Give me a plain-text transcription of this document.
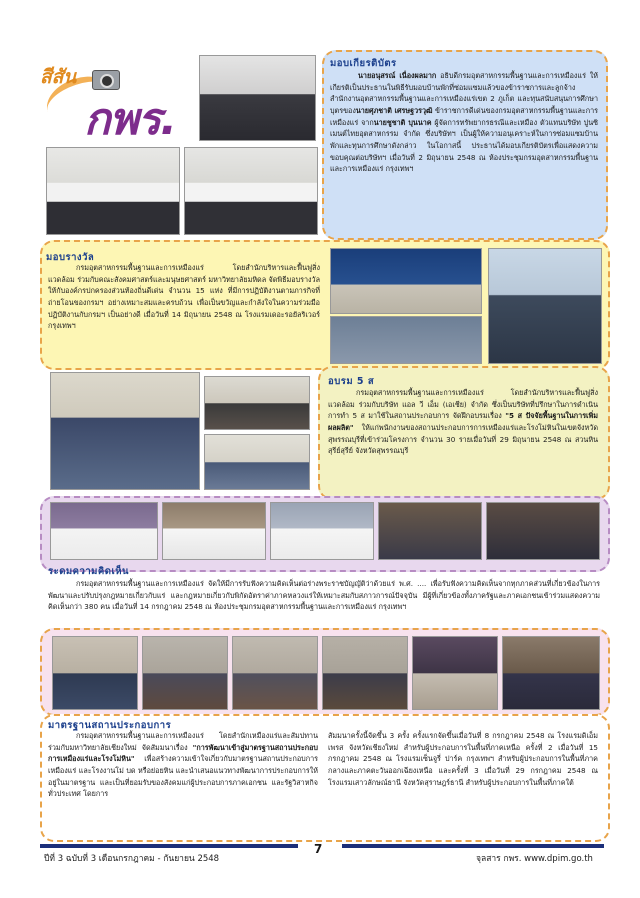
สีสัน
กพร.
มอบเกียรติบัตร
นายอนุสรณ์ เนื่องผลมาก อธิบดีกรมอุตสาหกรรมพื้นฐานและการเหมืองแร่ ให้เกียรติเป็นประธานในพิธีรับมอบบ้านพักที่ซ่อมแซมแล้วของข้าราชการและลูกจ้างสำนักงานอุตสาหกรรมพื้นฐานและการเหมืองแร่เขต 2 ภูเก็ต และทุนสนับสนุนการศึกษาบุตรของนายศุภชาติ เศรษฐวรวุฒิ ข้าราชการดีเด่นของกรมอุตสาหกรรมพื้นฐานและการเหมืองแร่ จากนายชูชาติ บุนนาค ผู้จัดการทรัพยากรธรณีและเหมือง ตัวแทนบริษัท ปูนซิเมนต์ไทยอุตสาหกรรม จำกัด ซึ่งบริษัทฯ เป็นผู้ให้ความอนุเคราะห์ในการซ่อมแซมบ้านพักและทุนการศึกษาดังกล่าว ในโอกาสนี้ ประธานได้มอบเกียรติบัตรเพื่อแสดงความขอบคุณต่อบริษัทฯ เมื่อวันที่ 2 มิถุนายน 2548 ณ ห้องประชุมกรมอุตสาหกรรมพื้นฐานและการเหมืองแร่ กรุงเทพฯ
มอบรางวัล
กรมอุตสาหกรรมพื้นฐานและการเหมืองแร่ โดยสำนักบริหารและฟื้นฟูสิ่งแวดล้อม ร่วมกับคณะสังคมศาสตร์และมนุษยศาสตร์ มหาวิทยาลัยมหิดล จัดพิธีมอบรางวัลให้กับองค์กรปกครองส่วนท้องถิ่นดีเด่น จำนวน 15 แห่ง ที่มีการปฏิบัติงานตามภารกิจที่ถ่ายโอนของกรมฯ อย่างเหมาะสมและครบถ้วน เพื่อเป็นขวัญและกำลังใจในความร่วมมือปฏิบัติงานกับกรมฯ เป็นอย่างดี เมื่อวันที่ 14 มิถุนายน 2548 ณ โรงแรมเดอะรอยัลริเวอร์ กรุงเทพฯ
อบรม 5 ส
กรมอุตสาหกรรมพื้นฐานและการเหมืองแร่ โดยสำนักบริหารและฟื้นฟูสิ่งแวดล้อม ร่วมกับบริษัท แอล วี เอ็ม (เอเชีย) จำกัด ซึ่งเป็นบริษัทที่ปรึกษาในการดำเนินการทำ 5 ส มาใช้ในสถานประกอบการ จัดฝึกอบรมเรื่อง "5 ส ปัจจัยพื้นฐานในการเพิ่มผลผลิต" ให้แก่พนักงานของสถานประกอบการการเหมืองแร่และโรงโม่หินในเขตจังหวัดสุพรรณบุรีที่เข้าร่วมโครงการ จำนวน 30 รายเมื่อวันที่ 29 มิถุนายน 2548 ณ สวนหินสุรีย์สุรีย์ จังหวัดสุพรรณบุรี
ระดมความคิดเห็น
กรมอุตสาหกรรมพื้นฐานและการเหมืองแร่ จัดให้มีการรับฟังความคิดเห็นต่อร่างพระราชบัญญัติว่าด้วยแร่ พ.ศ. .... เพื่อรับฟังความคิดเห็นจากทุกภาคส่วนที่เกี่ยวข้องในการพัฒนาและปรับปรุงกฎหมายเกี่ยวกับแร่ และกฎหมายเกี่ยวกับพิกัดอัตราค่าภาคหลวงแร่ให้เหมาะสมกับสภาวการณ์ปัจจุบัน มีผู้ที่เกี่ยวข้องทั้งภาครัฐและภาคเอกชนเข้าร่วมแสดงความคิดเห็นกว่า 380 คน เมื่อวันที่ 14 กรกฎาคม 2548 ณ ห้องประชุมกรมอุตสาหกรรมพื้นฐานและการเหมืองแร่ กรุงเทพฯ
มาตรฐานสถานประกอบการ
กรมอุตสาหกรรมพื้นฐานและการเหมืองแร่ โดยสำนักเหมืองแร่และสัมปทาน ร่วมกับมหาวิทยาลัยเชียงใหม่ จัดสัมมนาเรื่อง "การพัฒนาเข้าสู่มาตรฐานสถานประกอบการเหมืองแร่และโรงโม่หิน" เพื่อสร้างความเข้าใจเกี่ยวกับมาตรฐานสถานประกอบการเหมืองแร่ และโรงงานโม่ บด หรือย่อยหิน และนำเสนอแนวทางพัฒนาการประกอบการให้อยู่ในมาตรฐาน และเป็นที่ยอมรับของสังคมแก่ผู้ประกอบการภาคเอกชน และรัฐวิสาหกิจทั่วประเทศ โดยการ
สัมมนาครั้งนี้จัดขึ้น 3 ครั้ง ครั้งแรกจัดขึ้นเมื่อวันที่ 8 กรกฎาคม 2548 ณ โรงแรมดิเอ็มเพรส จังหวัดเชียงใหม่ สำหรับผู้ประกอบการในพื้นที่ภาคเหนือ ครั้งที่ 2 เมื่อวันที่ 15 กรกฎาคม 2548 ณ โรงแรมเซ็นจูรี่ ปาร์ค กรุงเทพฯ สำหรับผู้ประกอบการในพื้นที่ภาคกลางและภาคตะวันออกเฉียงเหนือ และครั้งที่ 3 เมื่อวันที่ 29 กรกฎาคม 2548 ณ โรงแรมเสาวลักษณ์ธานี จังหวัดสุราษฎร์ธานี สำหรับผู้ประกอบการในพื้นที่ภาคใต้
ปีที่ 3 ฉบับที่ 3 เดือนกรกฎาคม - กันยายน 2548
7
จุลสาร กพร. www.dpim.go.th
